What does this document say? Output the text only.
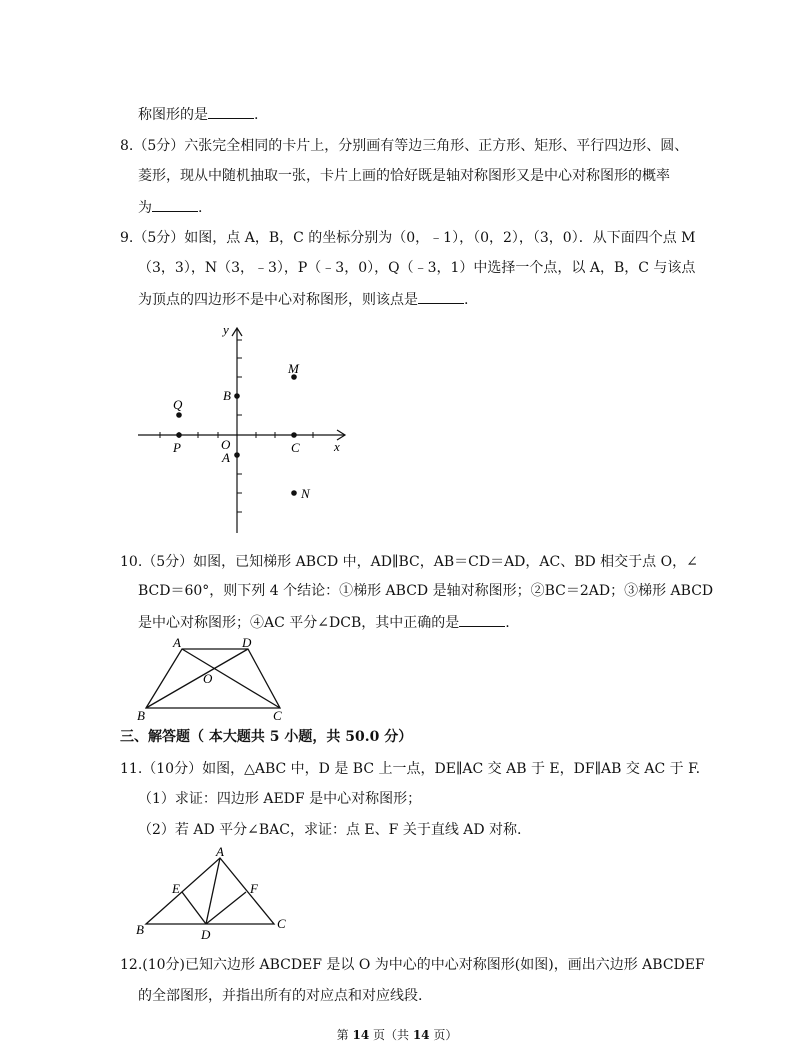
称图形的是	.
8.（5分）六张完全相同的卡片上，分别画有等边三角形、正方形、矩形、平行四边形、圆、
菱形，现从中随机抽取一张，卡片上画的恰好既是轴对称图形又是中心对称图形的概率
为	.
9.（5分）如图，点 A，B，C 的坐标分别为（0，﹣1），（0，2），（3，0）．从下面四个点 M
（3，3），N（3，﹣3），P（﹣3，0），Q（﹣3，1）中选择一个点，以 A，B，C 与该点
为顶点的四边形不是中心对称图形，则该点是	.
y
x
O
M
B
Q
P	C
A
N
10.（5分）如图，已知梯形 ABCD 中，AD∥BC，AB＝CD＝AD，AC、BD 相交于点 O，∠
BCD＝60°，则下列 4 个结论：①梯形 ABCD 是轴对称图形；②BC＝2AD；③梯形 ABCD
是中心对称图形；④AC 平分∠DCB，其中正确的是	.
A	D
O
B	C
三、解答题（ 本大题共 5 小题，共 50.0 分）
11.（10分）如图，△ABC 中，D 是 BC 上一点，DE∥AC 交 AB 于 E，DF∥AB 交 AC 于 F.
（1）求证：四边形 AEDF 是中心对称图形；
（2）若 AD 平分∠BAC，求证：点 E、F 关于直线 AD 对称.
A
E	F
B	D
C
12.(10分)已知六边形 ABCDEF 是以 O 为中心的中心对称图形(如图)，画出六边形 ABCDEF
的全部图形，并指出所有的对应点和对应线段.
第 14 页（共 14 页）
